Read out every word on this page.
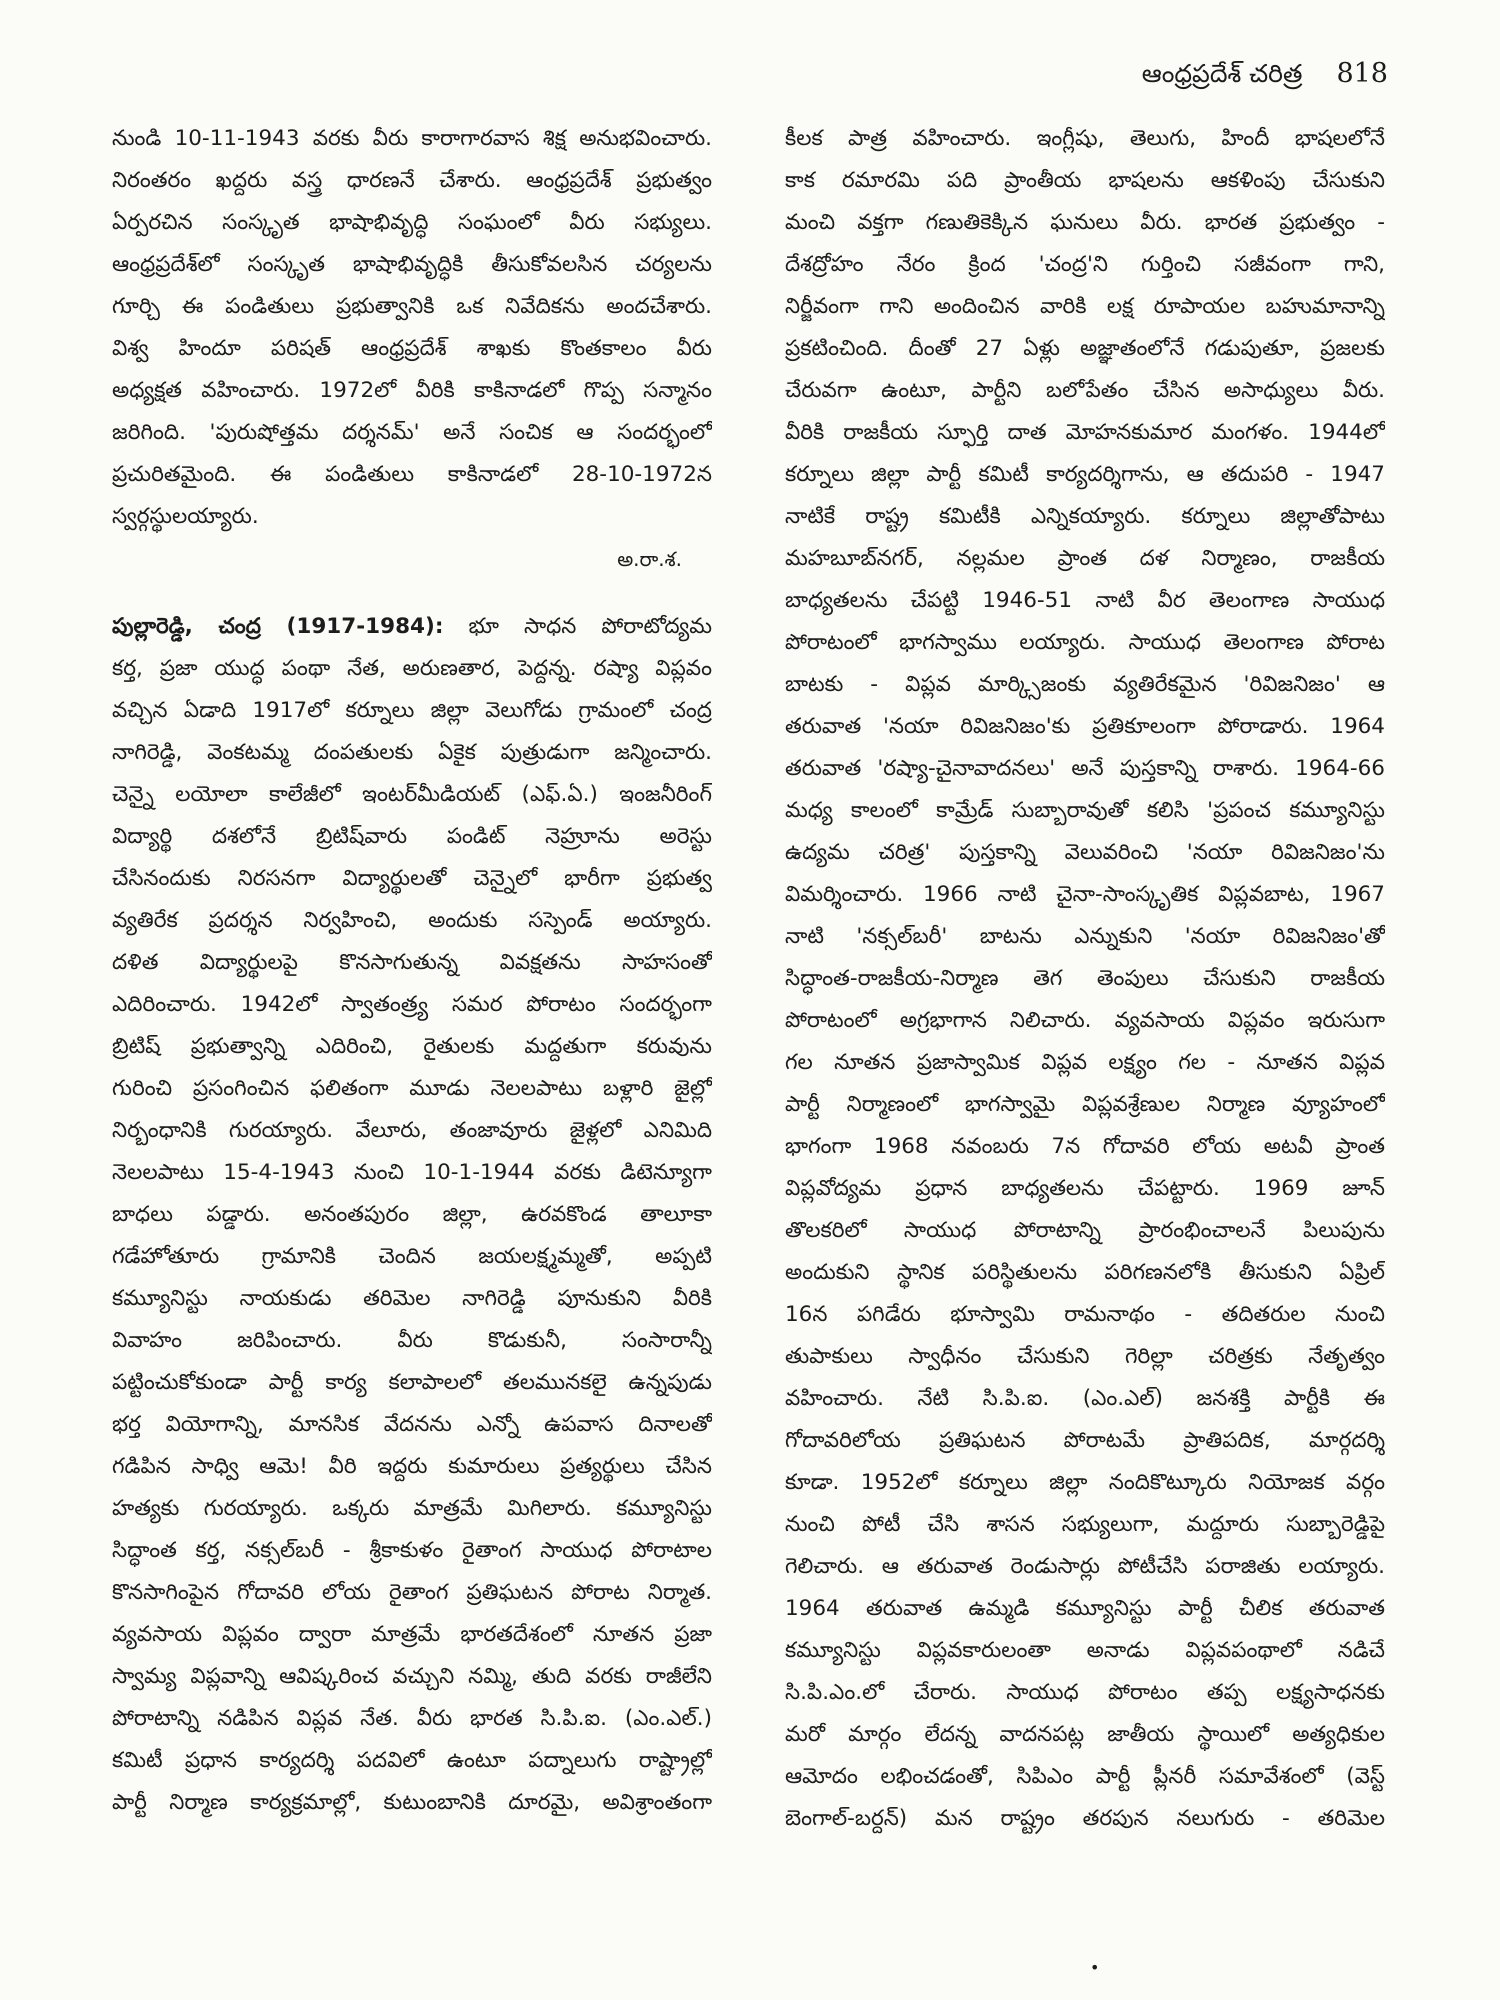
ఆంధ్రప్రదేశ్ చరిత్ర 818
నుండి 10-11-1943 వరకు వీరు కారాగారవాస శిక్ష అనుభవించారు.
నిరంతరం ఖద్దరు వస్త్ర ధారణనే చేశారు. ఆంధ్రప్రదేశ్ ప్రభుత్వం
ఏర్పరచిన సంస్కృత భాషాభివృద్ధి సంఘంలో వీరు సభ్యులు.
ఆంధ్రప్రదేశ్‌లో సంస్కృత భాషాభివృద్ధికి తీసుకోవలసిన చర్యలను
గూర్చి ఈ పండితులు ప్రభుత్వానికి ఒక నివేదికను అందచేశారు.
విశ్వ హిందూ పరిషత్ ఆంధ్రప్రదేశ్ శాఖకు కొంతకాలం వీరు
అధ్యక్షత వహించారు. 1972లో వీరికి కాకినాడలో గొప్ప సన్మానం
జరిగింది. 'పురుషోత్తమ దర్శనమ్' అనే సంచిక ఆ సందర్భంలో
ప్రచురితమైంది. ఈ పండితులు కాకినాడలో 28-10-1972న
స్వర్గస్థులయ్యారు.
అ.రా.శ.
పుల్లారెడ్డి, చంద్ర (1917-1984): భూ సాధన పోరాటోద్యమ
కర్త, ప్రజా యుద్ధ పంథా నేత, అరుణతార, పెద్దన్న. రష్యా విప్లవం
వచ్చిన ఏడాది 1917లో కర్నూలు జిల్లా వెలుగోడు గ్రామంలో చంద్ర
నాగిరెడ్డి, వెంకటమ్మ దంపతులకు ఏకైక పుత్రుడుగా జన్మించారు.
చెన్నై లయోలా కాలేజీలో ఇంటర్‌మీడియట్ (ఎఫ్.ఏ.) ఇంజనీరింగ్
విద్యార్థి దశలోనే బ్రిటిష్‌వారు పండిట్ నెహ్రూను అరెస్టు
చేసినందుకు నిరసనగా విద్యార్థులతో చెన్నైలో భారీగా ప్రభుత్వ
వ్యతిరేక ప్రదర్శన నిర్వహించి, అందుకు సస్పెండ్ అయ్యారు.
దళిత విద్యార్థులపై కొనసాగుతున్న వివక్షతను సాహసంతో
ఎదిరించారు. 1942లో స్వాతంత్ర్య సమర పోరాటం సందర్భంగా
బ్రిటిష్ ప్రభుత్వాన్ని ఎదిరించి, రైతులకు మద్దతుగా కరువును
గురించి ప్రసంగించిన ఫలితంగా మూడు నెలలపాటు బళ్లారి జైల్లో
నిర్బంధానికి గురయ్యారు. వేలూరు, తంజావూరు జైళ్లలో ఎనిమిది
నెలలపాటు 15-4-1943 నుంచి 10-1-1944 వరకు డిటెన్యూగా
బాధలు పడ్డారు. అనంతపురం జిల్లా, ఉరవకొండ తాలూకా
గడేహోతూరు గ్రామానికి చెందిన జయలక్ష్మమ్మతో, అప్పటి
కమ్యూనిస్టు నాయకుడు తరిమెల నాగిరెడ్డి పూనుకుని వీరికి
వివాహం జరిపించారు. వీరు కొడుకునీ, సంసారాన్నీ
పట్టించుకోకుండా పార్టీ కార్య కలాపాలలో తలమునకలై ఉన్నపుడు
భర్త వియోగాన్ని, మానసిక వేదనను ఎన్నో ఉపవాస దినాలతో
గడిపిన సాధ్వి ఆమె! వీరి ఇద్దరు కుమారులు ప్రత్యర్థులు చేసిన
హత్యకు గురయ్యారు. ఒక్కరు మాత్రమే మిగిలారు. కమ్యూనిస్టు
సిద్ధాంత కర్త, నక్సల్‌బరీ - శ్రీకాకుళం రైతాంగ సాయుధ పోరాటాల
కొనసాగింపైన గోదావరి లోయ రైతాంగ ప్రతిఘటన పోరాట నిర్మాత.
వ్యవసాయ విప్లవం ద్వారా మాత్రమే భారతదేశంలో నూతన ప్రజా
స్వామ్య విప్లవాన్ని ఆవిష్కరించ వచ్చుని నమ్మి, తుది వరకు రాజీలేని
పోరాటాన్ని నడిపిన విప్లవ నేత. వీరు భారత సి.పి.ఐ. (ఎం.ఎల్.)
కమిటీ ప్రధాన కార్యదర్శి పదవిలో ఉంటూ పద్నాలుగు రాష్ట్రాల్లో
పార్టీ నిర్మాణ కార్యక్రమాల్లో, కుటుంబానికి దూరమై, అవిశ్రాంతంగా
కీలక పాత్ర వహించారు. ఇంగ్లీషు, తెలుగు, హిందీ భాషలలోనే
కాక రమారమి పది ప్రాంతీయ భాషలను ఆకళింపు చేసుకుని
మంచి వక్తగా గణుతికెక్కిన ఘనులు వీరు. భారత ప్రభుత్వం -
దేశద్రోహం నేరం క్రింద 'చంద్ర'ని గుర్తించి సజీవంగా గాని,
నిర్జీవంగా గాని అందించిన వారికి లక్ష రూపాయల బహుమానాన్ని
ప్రకటించింది. దీంతో 27 ఏళ్లు అజ్ఞాతంలోనే గడుపుతూ, ప్రజలకు
చేరువగా ఉంటూ, పార్టీని బలోపేతం చేసిన అసాధ్యులు వీరు.
వీరికి రాజకీయ స్ఫూర్తి దాత మోహనకుమార మంగళం. 1944లో
కర్నూలు జిల్లా పార్టీ కమిటీ కార్యదర్శిగాను, ఆ తదుపరి - 1947
నాటికే రాష్ట్ర కమిటీకి ఎన్నికయ్యారు. కర్నూలు జిల్లాతోపాటు
మహబూబ్‌నగర్, నల్లమల ప్రాంత దళ నిర్మాణం, రాజకీయ
బాధ్యతలను చేపట్టి 1946-51 నాటి వీర తెలంగాణ సాయుధ
పోరాటంలో భాగస్వాము లయ్యారు. సాయుధ తెలంగాణ పోరాట
బాటకు - విప్లవ మార్క్సిజంకు వ్యతిరేకమైన 'రివిజనిజం' ఆ
తరువాత 'నయా రివిజనిజం'కు ప్రతికూలంగా పోరాడారు. 1964
తరువాత 'రష్యా-చైనావాదనలు' అనే పుస్తకాన్ని రాశారు. 1964-66
మధ్య కాలంలో కామ్రేడ్ సుబ్బారావుతో కలిసి 'ప్రపంచ కమ్యూనిస్టు
ఉద్యమ చరిత్ర' పుస్తకాన్ని వెలువరించి 'నయా రివిజనిజం'ను
విమర్శించారు. 1966 నాటి చైనా-సాంస్కృతిక విప్లవబాట, 1967
నాటి 'నక్సల్‌బరీ' బాటను ఎన్నుకుని 'నయా రివిజనిజం'తో
సిద్ధాంత-రాజకీయ-నిర్మాణ తెగ తెంపులు చేసుకుని రాజకీయ
పోరాటంలో అగ్రభాగాన నిలిచారు. వ్యవసాయ విప్లవం ఇరుసుగా
గల నూతన ప్రజాస్వామిక విప్లవ లక్ష్యం గల - నూతన విప్లవ
పార్టీ నిర్మాణంలో భాగస్వామై విప్లవశ్రేణుల నిర్మాణ వ్యూహంలో
భాగంగా 1968 నవంబరు 7న గోదావరి లోయ అటవీ ప్రాంత
విప్లవోద్యమ ప్రధాన బాధ్యతలను చేపట్టారు. 1969 జూన్
తొలకరిలో సాయుధ పోరాటాన్ని ప్రారంభించాలనే పిలుపును
అందుకుని స్థానిక పరిస్థితులను పరిగణనలోకి తీసుకుని ఏప్రిల్
16న పగిడేరు భూస్వామి రామనాథం - తదితరుల నుంచి
తుపాకులు స్వాధీనం చేసుకుని గెరిల్లా చరిత్రకు నేతృత్వం
వహించారు. నేటి సి.పి.ఐ. (ఎం.ఎల్) జనశక్తి పార్టీకి ఈ
గోదావరిలోయ ప్రతిఘటన పోరాటమే ప్రాతిపదిక, మార్గదర్శి
కూడా. 1952లో కర్నూలు జిల్లా నందికొట్కూరు నియోజక వర్గం
నుంచి పోటీ చేసి శాసన సభ్యులుగా, మద్దూరు సుబ్బారెడ్డిపై
గెలిచారు. ఆ తరువాత రెండుసార్లు పోటీచేసి పరాజితు లయ్యారు.
1964 తరువాత ఉమ్మడి కమ్యూనిస్టు పార్టీ చీలిక తరువాత
కమ్యూనిస్టు విప్లవకారులంతా అనాడు విప్లవపంథాలో నడిచే
సి.పి.ఎం.లో చేరారు. సాయుధ పోరాటం తప్ప లక్ష్యసాధనకు
మరో మార్గం లేదన్న వాదనపట్ల జాతీయ స్థాయిలో అత్యధికుల
ఆమోదం లభించడంతో, సిపిఎం పార్టీ ప్లీనరీ సమావేశంలో (వెస్ట్
బెంగాల్-బర్దన్) మన రాష్ట్రం తరపున నలుగురు - తరిమెల
•
